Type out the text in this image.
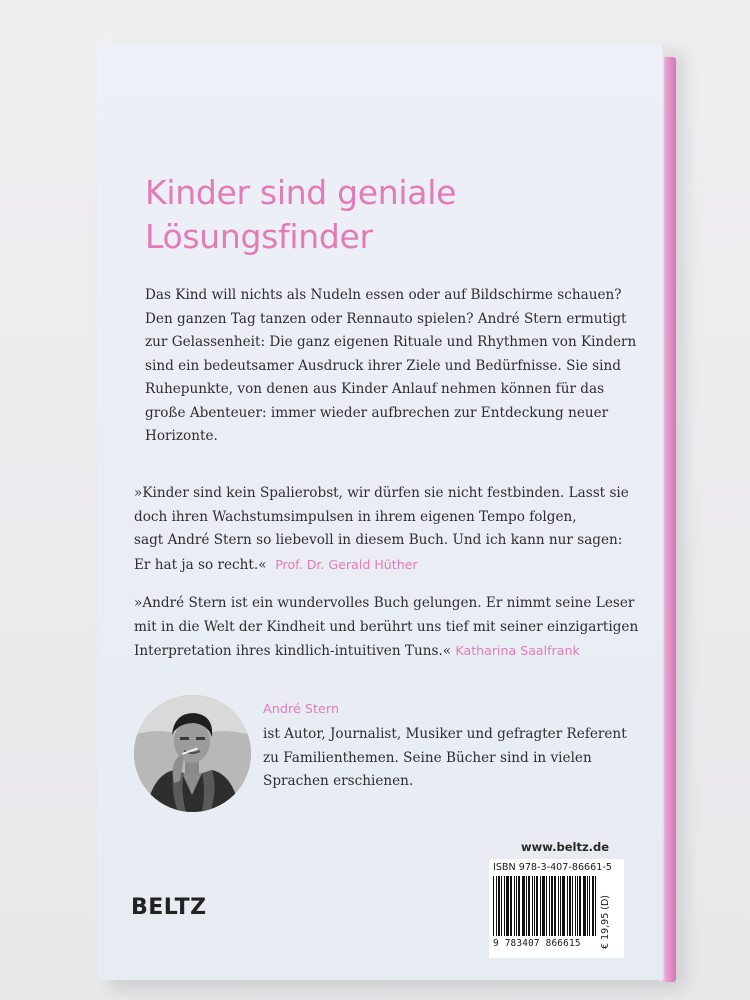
Kinder sind geniale
Lösungsfinder

Das Kind will nichts als Nudeln essen oder auf Bildschirme schauen?
Den ganzen Tag tanzen oder Rennauto spielen? André Stern ermutigt
zur Gelassenheit: Die ganz eigenen Rituale und Rhythmen von Kindern
sind ein bedeutsamer Ausdruck ihrer Ziele und Bedürfnisse. Sie sind
Ruhepunkte, von denen aus Kinder Anlauf nehmen können für das
große Abenteuer: immer wieder aufbrechen zur Entdeckung neuer
Horizonte.

»Kinder sind kein Spalierobst, wir dürfen sie nicht festbinden. Lasst sie
doch ihren Wachstumsimpulsen in ihrem eigenen Tempo folgen,
sagt André Stern so liebevoll in diesem Buch. Und ich kann nur sagen:
Er hat ja so recht.« Prof. Dr. Gerald Hüther

»André Stern ist ein wundervolles Buch gelungen. Er nimmt seine Leser
mit in die Welt der Kindheit und berührt uns tief mit seiner einzigartigen
Interpretation ihres kindlich-intuitiven Tuns.« Katharina Saalfrank

André Stern

ist Autor, Journalist, Musiker und gefragter Referent
zu Familienthemen. Seine Bücher sind in vielen
Sprachen erschienen.

www.beltz.de

ISBN 978-3-407-86661-5

9 783407 866615	€ 19,95 (D)

BELTZ
